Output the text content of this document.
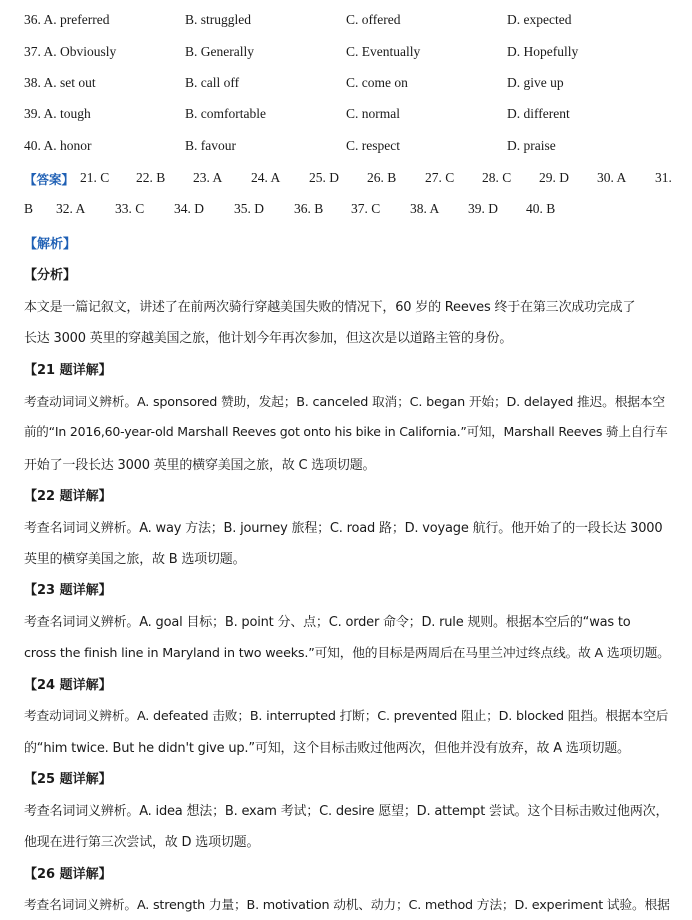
36. A. preferred	B. struggled	C. offered	D. expected
37. A. Obviously	B. Generally	C. Eventually	D. Hopefully
38. A. set out	B. call off	C. come on	D. give up
39. A. tough	B. comfortable	C. normal	D. different
40. A. honor	B. favour	C. respect	D. praise
【答案】 21. C 22. B 23. A 24. A 25. D 26. B 27. C 28. C 29. D 30. A 31.
B 32. A 33. C 34. D 35. D 36. B 37. C 38. A 39. D 40. B
【解析】
【分析】
本文是一篇记叙文，讲述了在前两次骑行穿越美国失败的情况下，60 岁的 Reeves 终于在第三次成功完成了
长达 3000 英里的穿越美国之旅，他计划今年再次参加，但这次是以道路主管的身份。
【21 题详解】
考查动词词义辨析。A. sponsored 赞助，发起；B. canceled 取消；C. began 开始；D. delayed 推迟。根据本空
前的“In 2016,60-year-old Marshall Reeves got onto his bike in California.”可知，Marshall Reeves 骑上自行车
开始了一段长达 3000 英里的横穿美国之旅，故 C 选项切题。
【22 题详解】
考查名词词义辨析。A. way 方法；B. journey 旅程；C. road 路；D. voyage 航行。他开始了的一段长达 3000
英里的横穿美国之旅，故 B 选项切题。
【23 题详解】
考查名词词义辨析。A. goal 目标；B. point 分、点；C. order 命令；D. rule 规则。根据本空后的“was to
cross the finish line in Maryland in two weeks.”可知，他的目标是两周后在马里兰冲过终点线。故 A 选项切题。
【24 题详解】
考查动词词义辨析。A. defeated 击败；B. interrupted 打断；C. prevented 阻止；D. blocked 阻挡。根据本空后
的“him twice. But he didn't give up.”可知，这个目标击败过他两次，但他并没有放弃，故 A 选项切题。
【25 题详解】
考查名词词义辨析。A. idea 想法；B. exam 考试；C. desire 愿望；D. attempt 尝试。这个目标击败过他两次，
他现在进行第三次尝试，故 D 选项切题。
【26 题详解】
考查名词词义辨析。A. strength 力量；B. motivation 动机、动力；C. method 方法；D. experiment 试验。根据
